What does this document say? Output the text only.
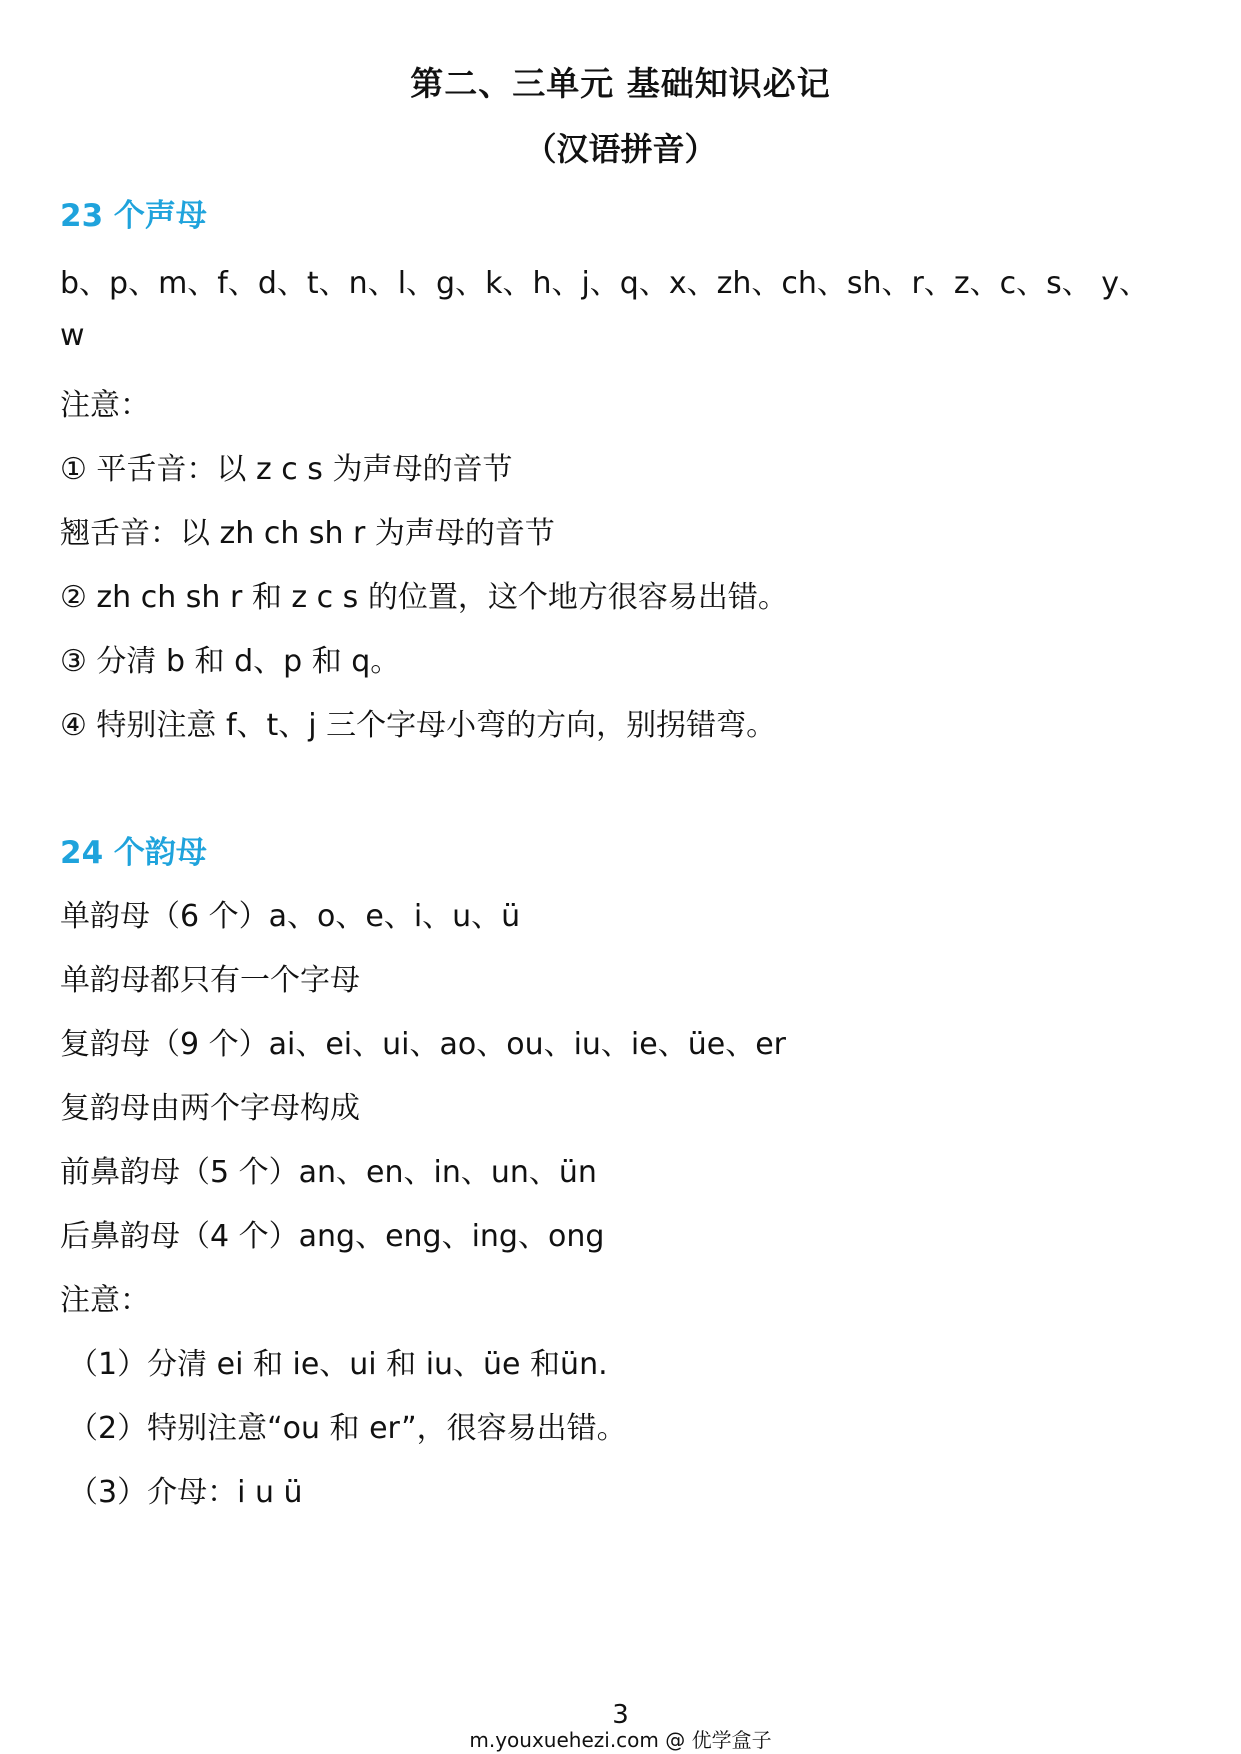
第二、三单元 基础知识必记
（汉语拼音）
23 个声母
b、p、m、f、d、t、n、l、g、k、h、j、q、x、zh、ch、sh、r、z、c、s、 y、
w
注意：
① 平舌音：以 z c s 为声母的音节
翘舌音：以 zh ch sh r 为声母的音节
② zh ch sh r 和 z c s 的位置，这个地方很容易出错。
③ 分清 b 和 d、p 和 q。
④ 特别注意 f、t、j 三个字母小弯的方向，别拐错弯。
24 个韵母
单韵母（6 个）a、o、e、i、u、ü
单韵母都只有一个字母
复韵母（9 个）ai、ei、ui、ao、ou、iu、ie、üe、er
复韵母由两个字母构成
前鼻韵母（5 个）an、en、in、un、ün
后鼻韵母（4 个）ang、eng、ing、ong
注意：
（1）分清 ei 和 ie、ui 和 iu、üe 和ün.
（2）特别注意“ou 和 er”，很容易出错。
（3）介母：i u ü
3
m.youxuehezi.com @ 优学盒子
